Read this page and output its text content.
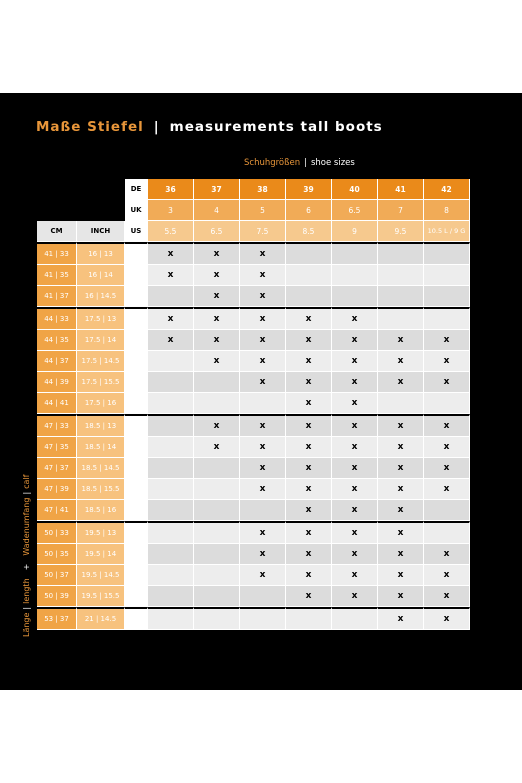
Maße Stiefel | measurements tall boots
Schuhgrößen | shoe sizes
Länge|length+Wadenumfang|calf
		DE	36	37	38	39	40	41	42
		UK	3	4	5	6	6.5	7	8
CM	INCH	US	5.5	6.5	7.5	8.5	9	9.5	10.5 L / 9 G
41 | 33	16 | 13		x	x	x				
41 | 35	16 | 14		x	x	x				
41 | 37	16 | 14.5			x	x				
44 | 33	17.5 | 13		x	x	x	x	x		
44 | 35	17.5 | 14		x	x	x	x	x	x	x
44 | 37	17.5 | 14.5			x	x	x	x	x	x
44 | 39	17.5 | 15.5				x	x	x	x	x
44 | 41	17.5 | 16					x	x		
47 | 33	18.5 | 13			x	x	x	x	x	x
47 | 35	18.5 | 14			x	x	x	x	x	x
47 | 37	18.5 | 14.5				x	x	x	x	x
47 | 39	18.5 | 15.5				x	x	x	x	x
47 | 41	18.5 | 16					x	x	x	
50 | 33	19.5 | 13				x	x	x	x	
50 | 35	19.5 | 14				x	x	x	x	x
50 | 37	19.5 | 14.5				x	x	x	x	x
50 | 39	19.5 | 15.5					x	x	x	x
53 | 37	21 | 14.5							x	x
